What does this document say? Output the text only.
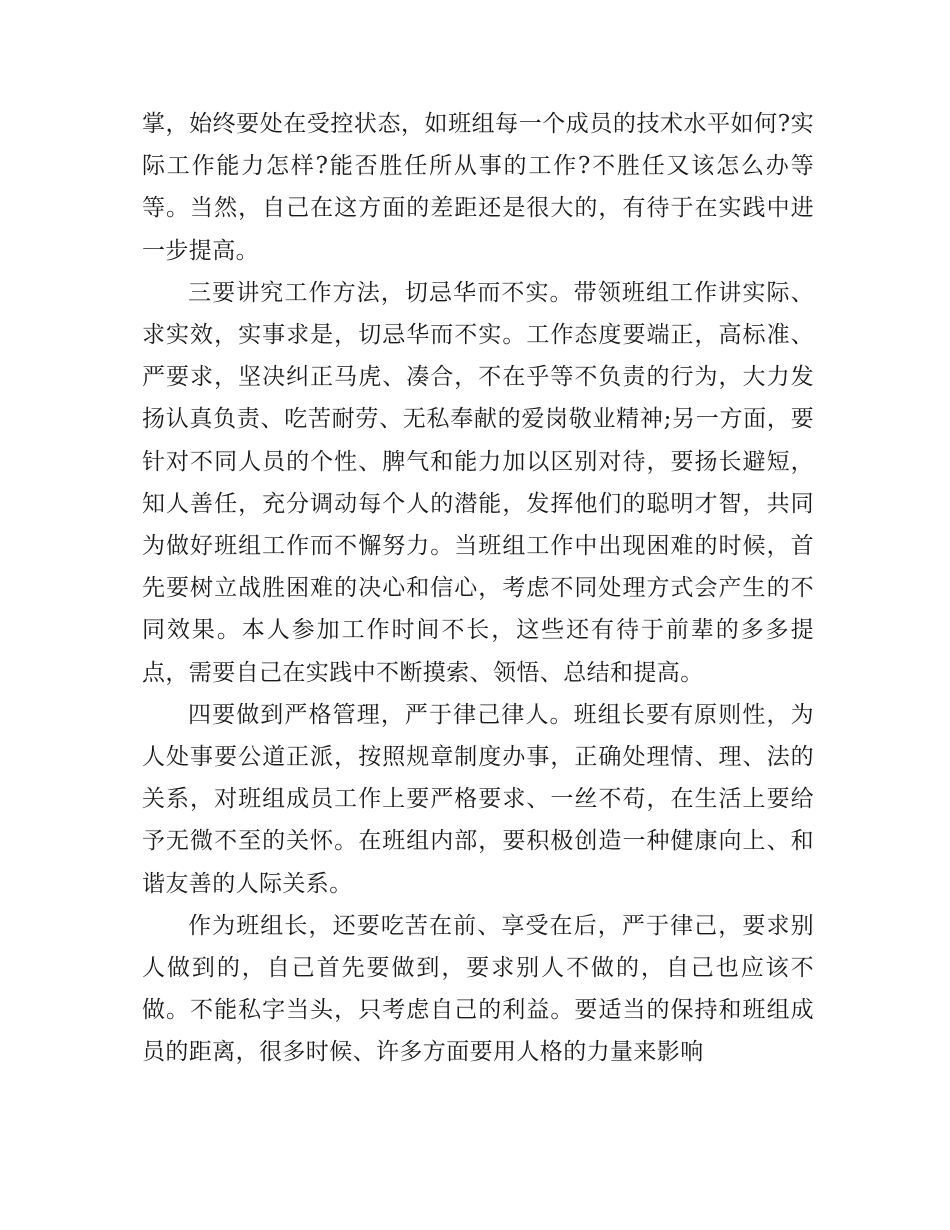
掌，始终要处在受控状态，如班组每一个成员的技术水平如何?实际工作能力怎样?能否胜任所从事的工作?不胜任又该怎么办等等。当然，自己在这方面的差距还是很大的，有待于在实践中进一步提高。

三要讲究工作方法，切忌华而不实。带领班组工作讲实际、求实效，实事求是，切忌华而不实。工作态度要端正，高标准、严要求，坚决纠正马虎、凑合，不在乎等不负责的行为，大力发扬认真负责、吃苦耐劳、无私奉献的爱岗敬业精神;另一方面，要针对不同人员的个性、脾气和能力加以区别对待，要扬长避短，知人善任，充分调动每个人的潜能，发挥他们的聪明才智，共同为做好班组工作而不懈努力。当班组工作中出现困难的时候，首先要树立战胜困难的决心和信心，考虑不同处理方式会产生的不同效果。本人参加工作时间不长，这些还有待于前辈的多多提点，需要自己在实践中不断摸索、领悟、总结和提高。

四要做到严格管理，严于律己律人。班组长要有原则性，为人处事要公道正派，按照规章制度办事，正确处理情、理、法的关系，对班组成员工作上要严格要求、一丝不苟，在生活上要给予无微不至的关怀。在班组内部，要积极创造一种健康向上、和谐友善的人际关系。

作为班组长，还要吃苦在前、享受在后，严于律己，要求别人做到的，自己首先要做到，要求别人不做的，自己也应该不做。不能私字当头，只考虑自己的利益。要适当的保持和班组成员的距离，很多时候、许多方面要用人格的力量来影响
